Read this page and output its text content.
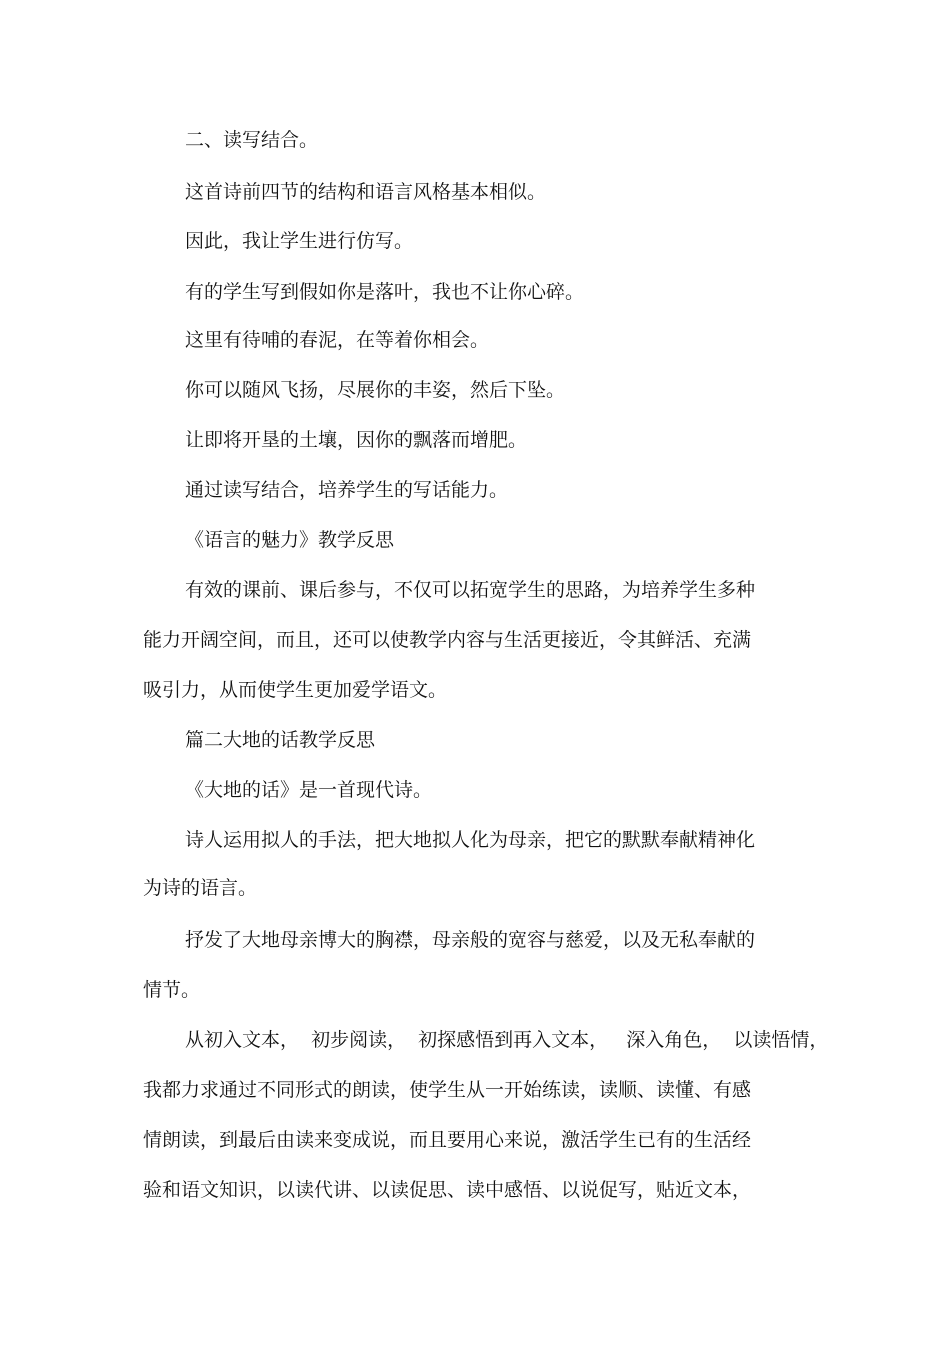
二、读写结合。
这首诗前四节的结构和语言风格基本相似。
因此，我让学生进行仿写。
有的学生写到假如你是落叶，我也不让你心碎。
这里有待哺的春泥，在等着你相会。
你可以随风飞扬，尽展你的丰姿，然后下坠。
让即将开垦的土壤，因你的飘落而增肥。
通过读写结合，培养学生的写话能力。
《语言的魅力》教学反思
有效的课前、课后参与，不仅可以拓宽学生的思路，为培养学生多种
能力开阔空间，而且，还可以使教学内容与生活更接近，令其鲜活、充满
吸引力，从而使学生更加爱学语文。
篇二大地的话教学反思
《大地的话》是一首现代诗。
诗人运用拟人的手法，把大地拟人化为母亲，把它的默默奉献精神化
为诗的语言。
抒发了大地母亲博大的胸襟，母亲般的宽容与慈爱，以及无私奉献的
情节。
从初入文本，  初步阅读，  初探感悟到再入文本，   深入角色，  以读悟情，
我都力求通过不同形式的朗读，使学生从一开始练读，读顺、读懂、有感
情朗读，到最后由读来变成说，而且要用心来说，激活学生已有的生活经
验和语文知识，以读代讲、以读促思、读中感悟、以说促写，贴近文本，
